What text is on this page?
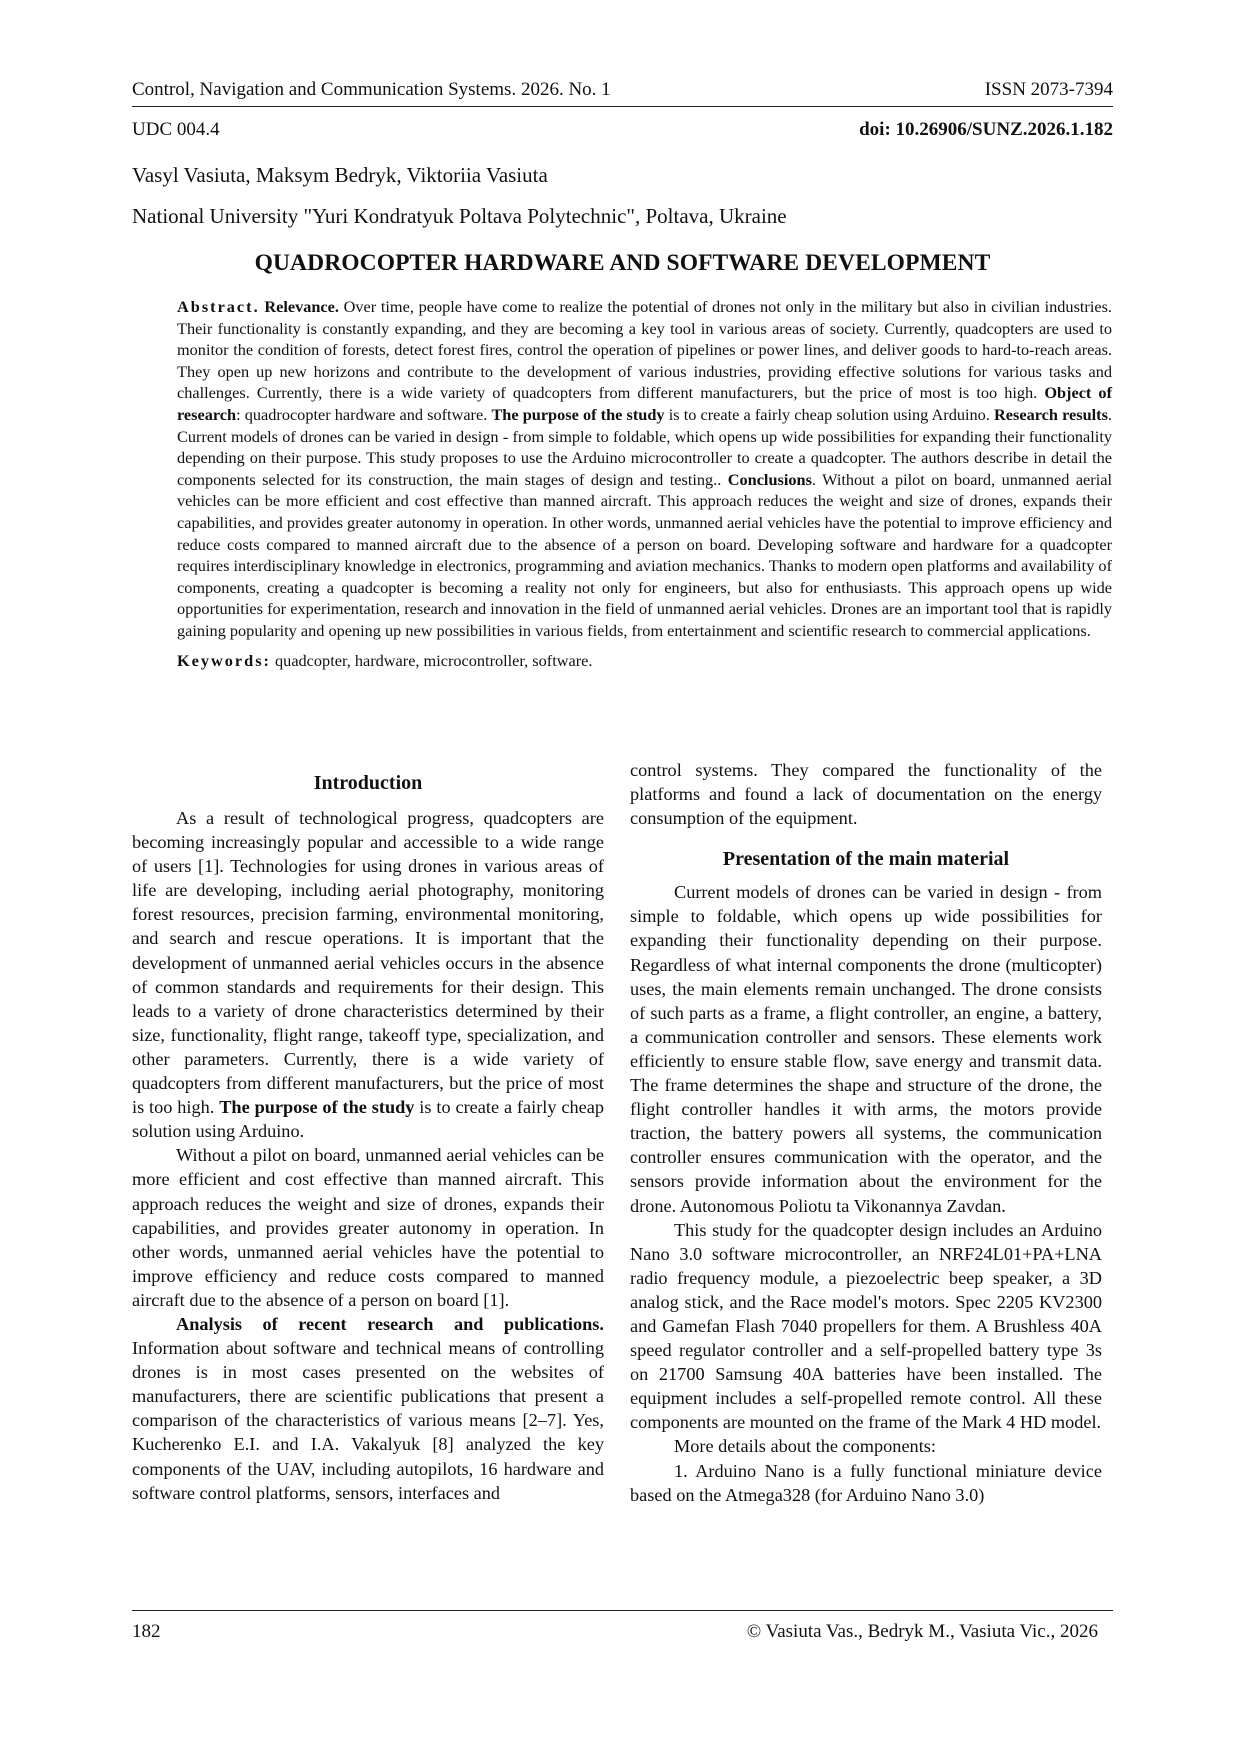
Control, Navigation and Communication Systems. 2026. No. 1	ISSN 2073-7394
UDC 004.4	doi: 10.26906/SUNZ.2026.1.182
Vasyl Vasiuta, Maksym Bedryk, Viktoriia Vasiuta
National University "Yuri Kondratyuk Poltava Polytechnic", Poltava, Ukraine
QUADROCOPTER HARDWARE AND SOFTWARE DEVELOPMENT

Abstract. Relevance. Over time, people have come to realize the potential of drones not only in the military but also in civilian industries. Their functionality is constantly expanding, and they are becoming a key tool in various areas of society. Currently, quadcopters are used to monitor the condition of forests, detect forest fires, control the operation of pipelines or power lines, and deliver goods to hard-to-reach areas. They open up new horizons and contribute to the development of various industries, providing effective solutions for various tasks and challenges. Currently, there is a wide variety of quadcopters from different manufacturers, but the price of most is too high. Object of research: quadrocopter hardware and software. The purpose of the study is to create a fairly cheap solution using Arduino. Research results. Current models of drones can be varied in design - from simple to foldable, which opens up wide possibilities for expanding their functionality depending on their purpose. This study proposes to use the Arduino microcontroller to create a quadcopter. The authors describe in detail the components selected for its construction, the main stages of design and testing.. Conclusions. Without a pilot on board, unmanned aerial vehicles can be more efficient and cost effective than manned aircraft. This approach reduces the weight and size of drones, expands their capabilities, and provides greater autonomy in operation. In other words, unmanned aerial vehicles have the potential to improve efficiency and reduce costs compared to manned aircraft due to the absence of a person on board. Developing software and hardware for a quadcopter requires interdisciplinary knowledge in electronics, programming and aviation mechanics. Thanks to modern open platforms and availability of components, creating a quadcopter is becoming a reality not only for engineers, but also for enthusiasts. This approach opens up wide opportunities for experimentation, research and innovation in the field of unmanned aerial vehicles. Drones are an important tool that is rapidly gaining popularity and opening up new possibilities in various fields, from entertainment and scientific research to commercial applications.

Keywords: quadcopter, hardware, microcontroller, software.

Introduction

As a result of technological progress, quadcopters are becoming increasingly popular and accessible to a wide range of users [1]. Technologies for using drones in various areas of life are developing, including aerial photography, monitoring forest resources, precision farming, environmental monitoring, and search and rescue operations. It is important that the development of unmanned aerial vehicles occurs in the absence of common standards and requirements for their design. This leads to a variety of drone characteristics determined by their size, functionality, flight range, takeoff type, specialization, and other parameters. Currently, there is a wide variety of quadcopters from different manufacturers, but the price of most is too high. The purpose of the study is to create a fairly cheap solution using Arduino.

Without a pilot on board, unmanned aerial vehicles can be more efficient and cost effective than manned aircraft. This approach reduces the weight and size of drones, expands their capabilities, and provides greater autonomy in operation. In other words, unmanned aerial vehicles have the potential to improve efficiency and reduce costs compared to manned aircraft due to the absence of a person on board [1].

Analysis of recent research and publications. Information about software and technical means of controlling drones is in most cases presented on the websites of manufacturers, there are scientific publications that present a comparison of the characteristics of various means [2–7]. Yes, Kucherenko E.I. and I.A. Vakalyuk [8] analyzed the key components of the UAV, including autopilots, 16 hardware and software control platforms, sensors, interfaces and

control systems. They compared the functionality of the platforms and found a lack of documentation on the energy consumption of the equipment.

Presentation of the main material

Current models of drones can be varied in design - from simple to foldable, which opens up wide possibilities for expanding their functionality depending on their purpose. Regardless of what internal components the drone (multicopter) uses, the main elements remain unchanged. The drone consists of such parts as a frame, a flight controller, an engine, a battery, a communication controller and sensors. These elements work efficiently to ensure stable flow, save energy and transmit data. The frame determines the shape and structure of the drone, the flight controller handles it with arms, the motors provide traction, the battery powers all systems, the communication controller ensures communication with the operator, and the sensors provide information about the environment for the drone. Autonomous Poliotu ta Vikonannya Zavdan.

This study for the quadcopter design includes an Arduino Nano 3.0 software microcontroller, an NRF24L01+PA+LNA radio frequency module, a piezoelectric beep speaker, a 3D analog stick, and the Race model's motors. Spec 2205 KV2300 and Gamefan Flash 7040 propellers for them. A Brushless 40A speed regulator controller and a self-propelled battery type 3s on 21700 Samsung 40A batteries have been installed. The equipment includes a self-propelled remote control. All these components are mounted on the frame of the Mark 4 HD model.

More details about the components:

1. Arduino Nano is a fully functional miniature device based on the Atmega328 (for Arduino Nano 3.0)

182	© Vasiuta Vas., Bedryk M., Vasiuta Vic., 2026
